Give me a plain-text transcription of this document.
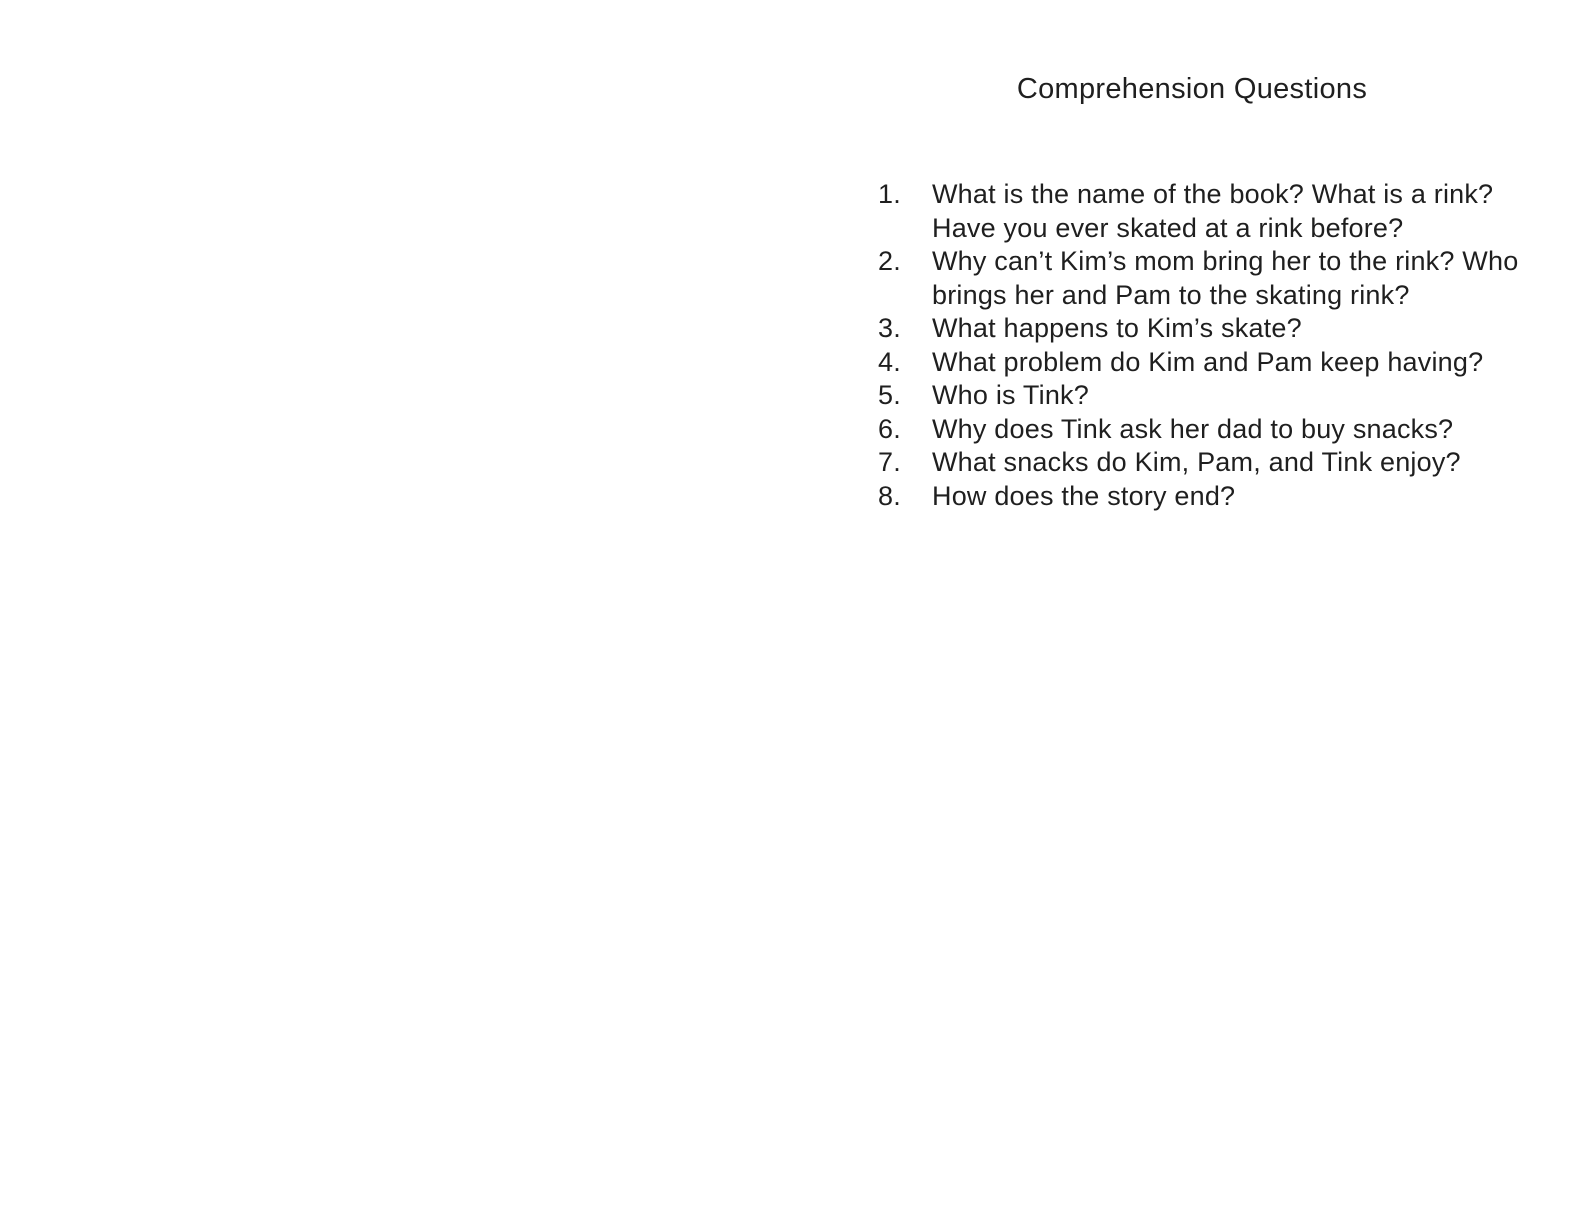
Comprehension Questions
1.	What is the name of the book? What is a rink? Have you ever skated at a rink before?
2.	Why can’t Kim’s mom bring her to the rink? Who brings her and Pam to the skating rink?
3.	What happens to Kim’s skate?
4.	What problem do Kim and Pam keep having?
5.	Who is Tink?
6.	Why does Tink ask her dad to buy snacks?
7.	What snacks do Kim, Pam, and Tink enjoy?
8.	How does the story end?
